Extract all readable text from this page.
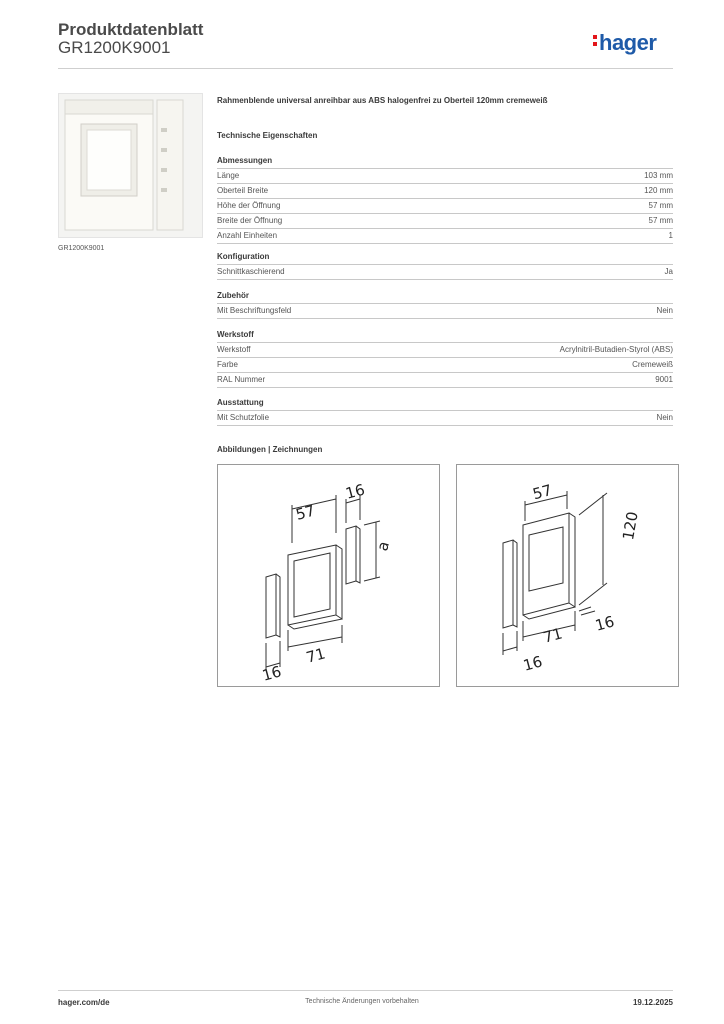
Produktdatenblatt
GR1200K9001	hager
GR1200K9001
Rahmenblende universal anreihbar aus ABS halogenfrei zu Oberteil 120mm cremeweiß
Technische Eigenschaften
Abmessungen
Länge	103 mm
Oberteil Breite	120 mm
Höhe der Öffnung	57 mm
Breite der Öffnung	57 mm
Anzahl Einheiten	1
Konfiguration
Schnittkaschierend	Ja
Zubehör
Mit Beschriftungsfeld	Nein
Werkstoff
Werkstoff	Acrylnitril-Butadien-Styrol (ABS)
Farbe	Cremeweiß
RAL Nummer	9001
Ausstattung
Mit Schutzfolie	Nein
Abbildungen | Zeichnungen
57
16
a
71
16
57
120
71
16
16
hager.com/de	Technische Änderungen vorbehalten	19.12.2025
